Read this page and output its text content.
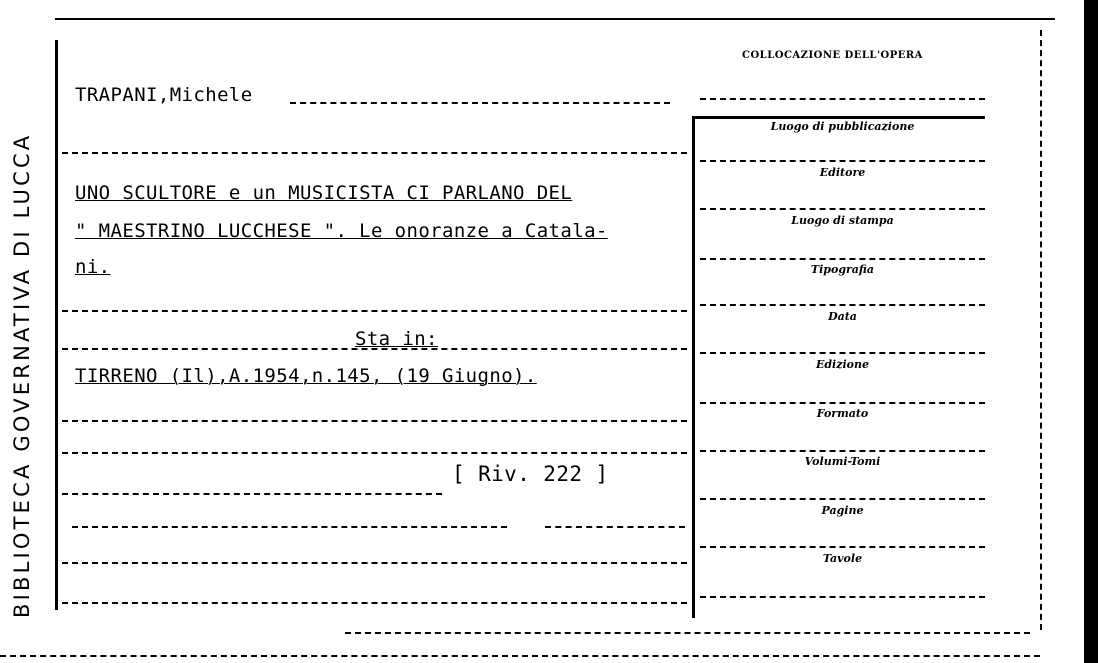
BIBLIOTECA GOVERNATIVA DI LUCCA
TRAPANI,Michele
UNO SCULTORE e un MUSICISTA CI PARLANO DEL
" MAESTRINO LUCCHESE ". Le onoranze a Catala-
ni.
Sta in:
TIRRENO (Il),A.1954,n.145, (19 Giugno).
[ Riv. 222 ]
COLLOCAZIONE DELL'OPERA
Luogo di pubblicazione
Editore
Luogo di stampa
Tipografia
Data
Edizione
Formato
Volumi-Tomi
Pagine
Tavole
